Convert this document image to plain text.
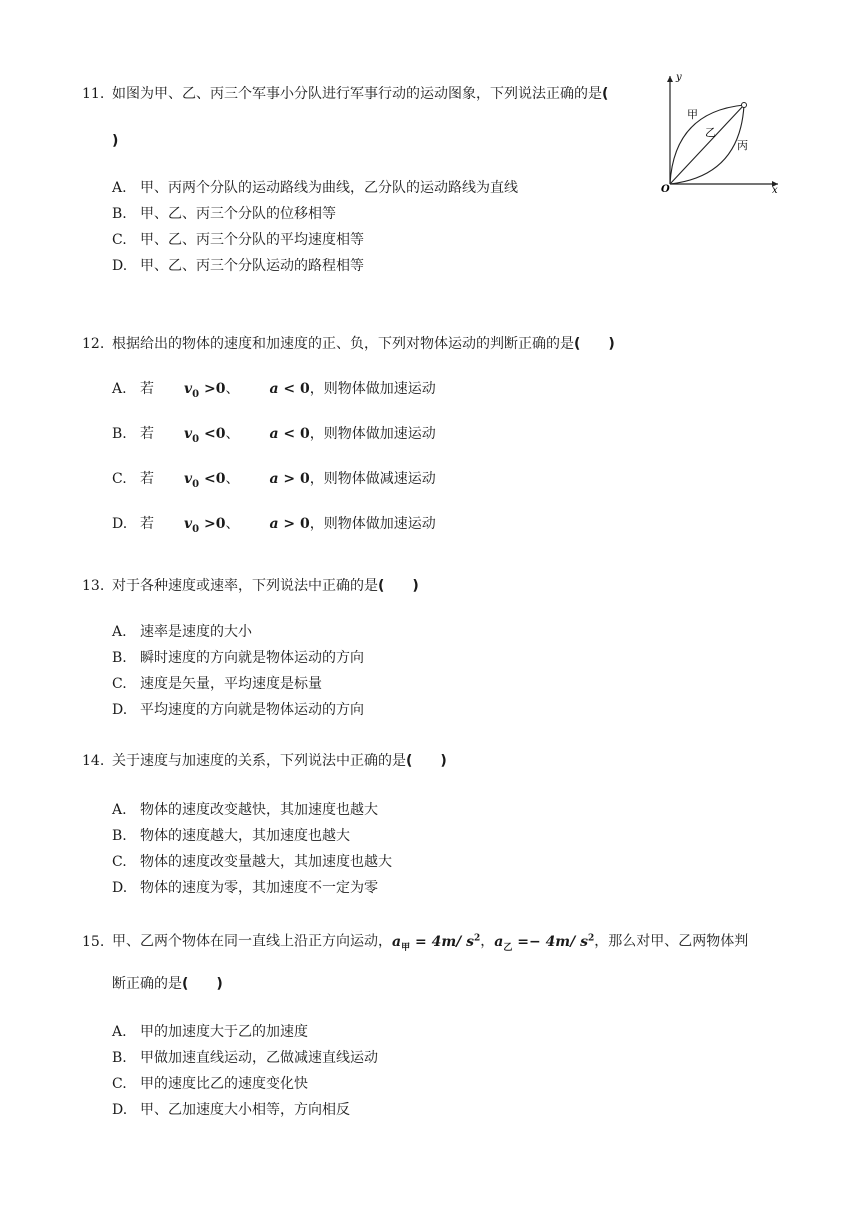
11. 如图为甲、乙、丙三个军事小分队进行军事行动的运动图象，下列说法正确的是(
)
y
x
O
甲
乙
丙
A. 甲、丙两个分队的运动路线为曲线，乙分队的运动路线为直线
B. 甲、乙、丙三个分队的位移相等
C. 甲、乙、丙三个分队的平均速度相等
D. 甲、乙、丙三个分队运动的路程相等
12. 根据给出的物体的速度和加速度的正、负，下列对物体运动的判断正确的是(　　)
A. 若 $v_0 >0$、 a < 0，则物体做加速运动
B. 若 $v_0 <0$、 a < 0，则物体做加速运动
C. 若 $v_0 <0$、 a > 0，则物体做减速运动
D. 若 $v_0 >0$、 a > 0，则物体做加速运动
13. 对于各种速度或速率，下列说法中正确的是(　　)
A. 速率是速度的大小
B. 瞬时速度的方向就是物体运动的方向
C. 速度是矢量，平均速度是标量
D. 平均速度的方向就是物体运动的方向
14. 关于速度与加速度的关系，下列说法中正确的是(　　)
A. 物体的速度改变越快，其加速度也越大
B. 物体的速度越大，其加速度也越大
C. 物体的速度改变量越大，其加速度也越大
D. 物体的速度为零，其加速度不一定为零
15. 甲、乙两个物体在同一直线上沿正方向运动，$a_甲 = 4m/$ $s^2$，$a_乙 =- 4m/$ $s^2$，那么对甲、乙两物体判
断正确的是(　　)
A. 甲的加速度大于乙的加速度
B. 甲做加速直线运动，乙做减速直线运动
C. 甲的速度比乙的速度变化快
D. 甲、乙加速度大小相等，方向相反
